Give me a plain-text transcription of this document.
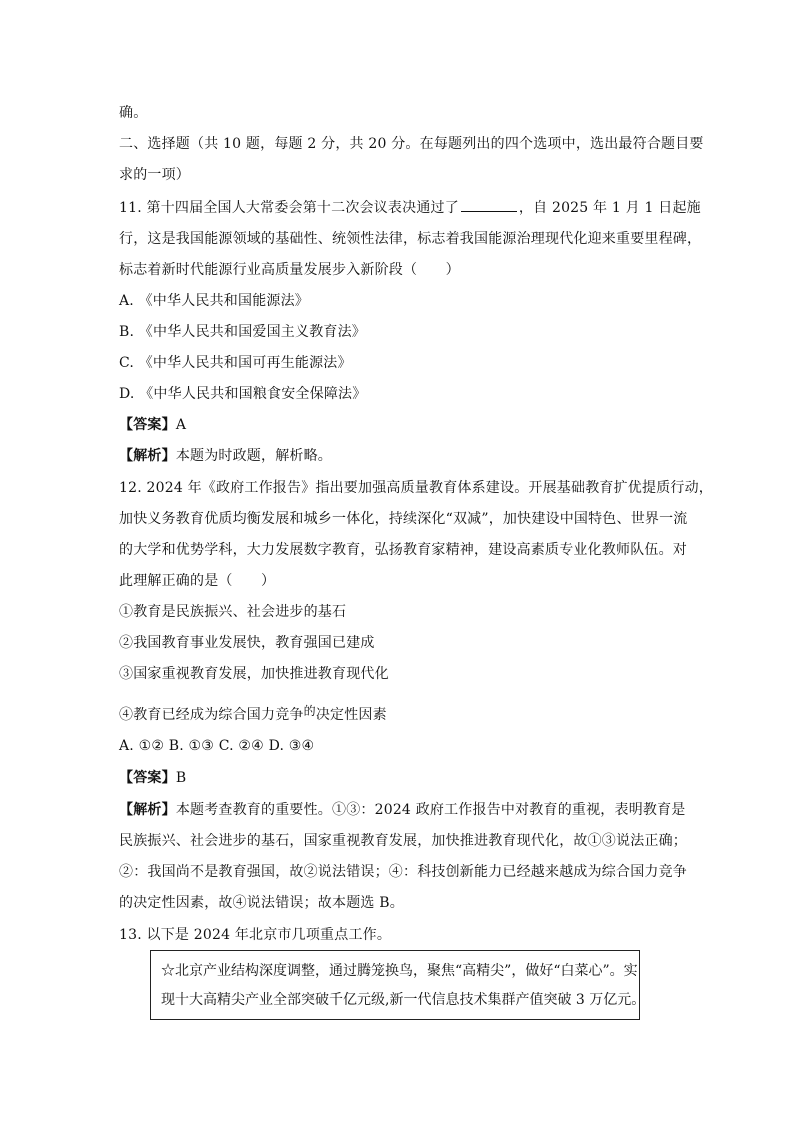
确。
二、选择题（共 10 题，每题 2 分，共 20 分。在每题列出的四个选项中，选出最符合题目要
求的一项）
11. 第十四届全国人大常委会第十二次会议表决通过了	，自 2025 年 1 月 1 日起施
行，这是我国能源领域的基础性、统领性法律，标志着我国能源治理现代化迎来重要里程碑，
标志着新时代能源行业高质量发展步入新阶段（　　）
A. 《中华人民共和国能源法》
B. 《中华人民共和国爱国主义教育法》
C. 《中华人民共和国可再生能源法》
D. 《中华人民共和国粮食安全保障法》
【答案】A
【解析】本题为时政题，解析略。
12. 2024 年《政府工作报告》指出要加强高质量教育体系建设。开展基础教育扩优提质行动，
加快义务教育优质均衡发展和城乡一体化，持续深化“双减”，加快建设中国特色、世界一流
的大学和优势学科，大力发展数字教育，弘扬教育家精神，建设高素质专业化教师队伍。对
此理解正确的是（　　）
①教育是民族振兴、社会进步的基石
②我国教育事业发展快，教育强国已建成
③国家重视教育发展，加快推进教育现代化
④教育已经成为综合国力竞争的决定性因素
A. ①② B. ①③ C. ②④ D. ③④
【答案】B
【解析】本题考查教育的重要性。①③：2024 政府工作报告中对教育的重视，表明教育是
民族振兴、社会进步的基石，国家重视教育发展，加快推进教育现代化，故①③说法正确；
②：我国尚不是教育强国，故②说法错误；④：科技创新能力已经越来越成为综合国力竞争
的决定性因素，故④说法错误；故本题选 B。
13. 以下是 2024 年北京市几项重点工作。
☆北京产业结构深度调整，通过腾笼换鸟，聚焦“高精尖”，做好“白菜心”。实
现十大高精尖产业全部突破千亿元级,新一代信息技术集群产值突破 3 万亿元。
